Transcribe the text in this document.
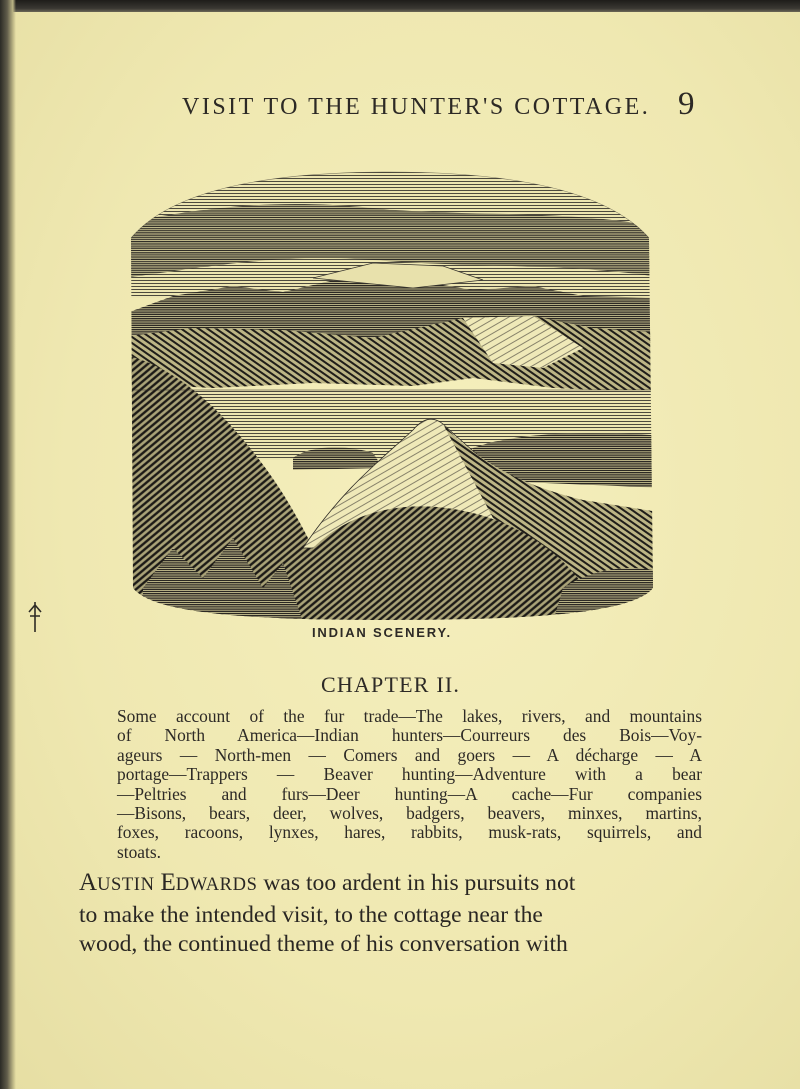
VISIT TO THE HUNTER'S COTTAGE. 9
INDIAN SCENERY.
CHAPTER II.
Some account of the fur trade—The lakes, rivers, and mountains
of North America—Indian hunters—Courreurs des Bois—Voy-
ageurs — North-men — Comers and goers — A décharge — A
portage—Trappers — Beaver hunting—Adventure with a bear
—Peltries and furs—Deer hunting—A cache—Fur companies
—Bisons, bears, deer, wolves, badgers, beavers, minxes, martins,
foxes, racoons, lynxes, hares, rabbits, musk-rats, squirrels, and
stoats.
AUSTIN EDWARDS was too ardent in his pursuits not
to make the intended visit, to the cottage near the
wood, the continued theme of his conversation with
